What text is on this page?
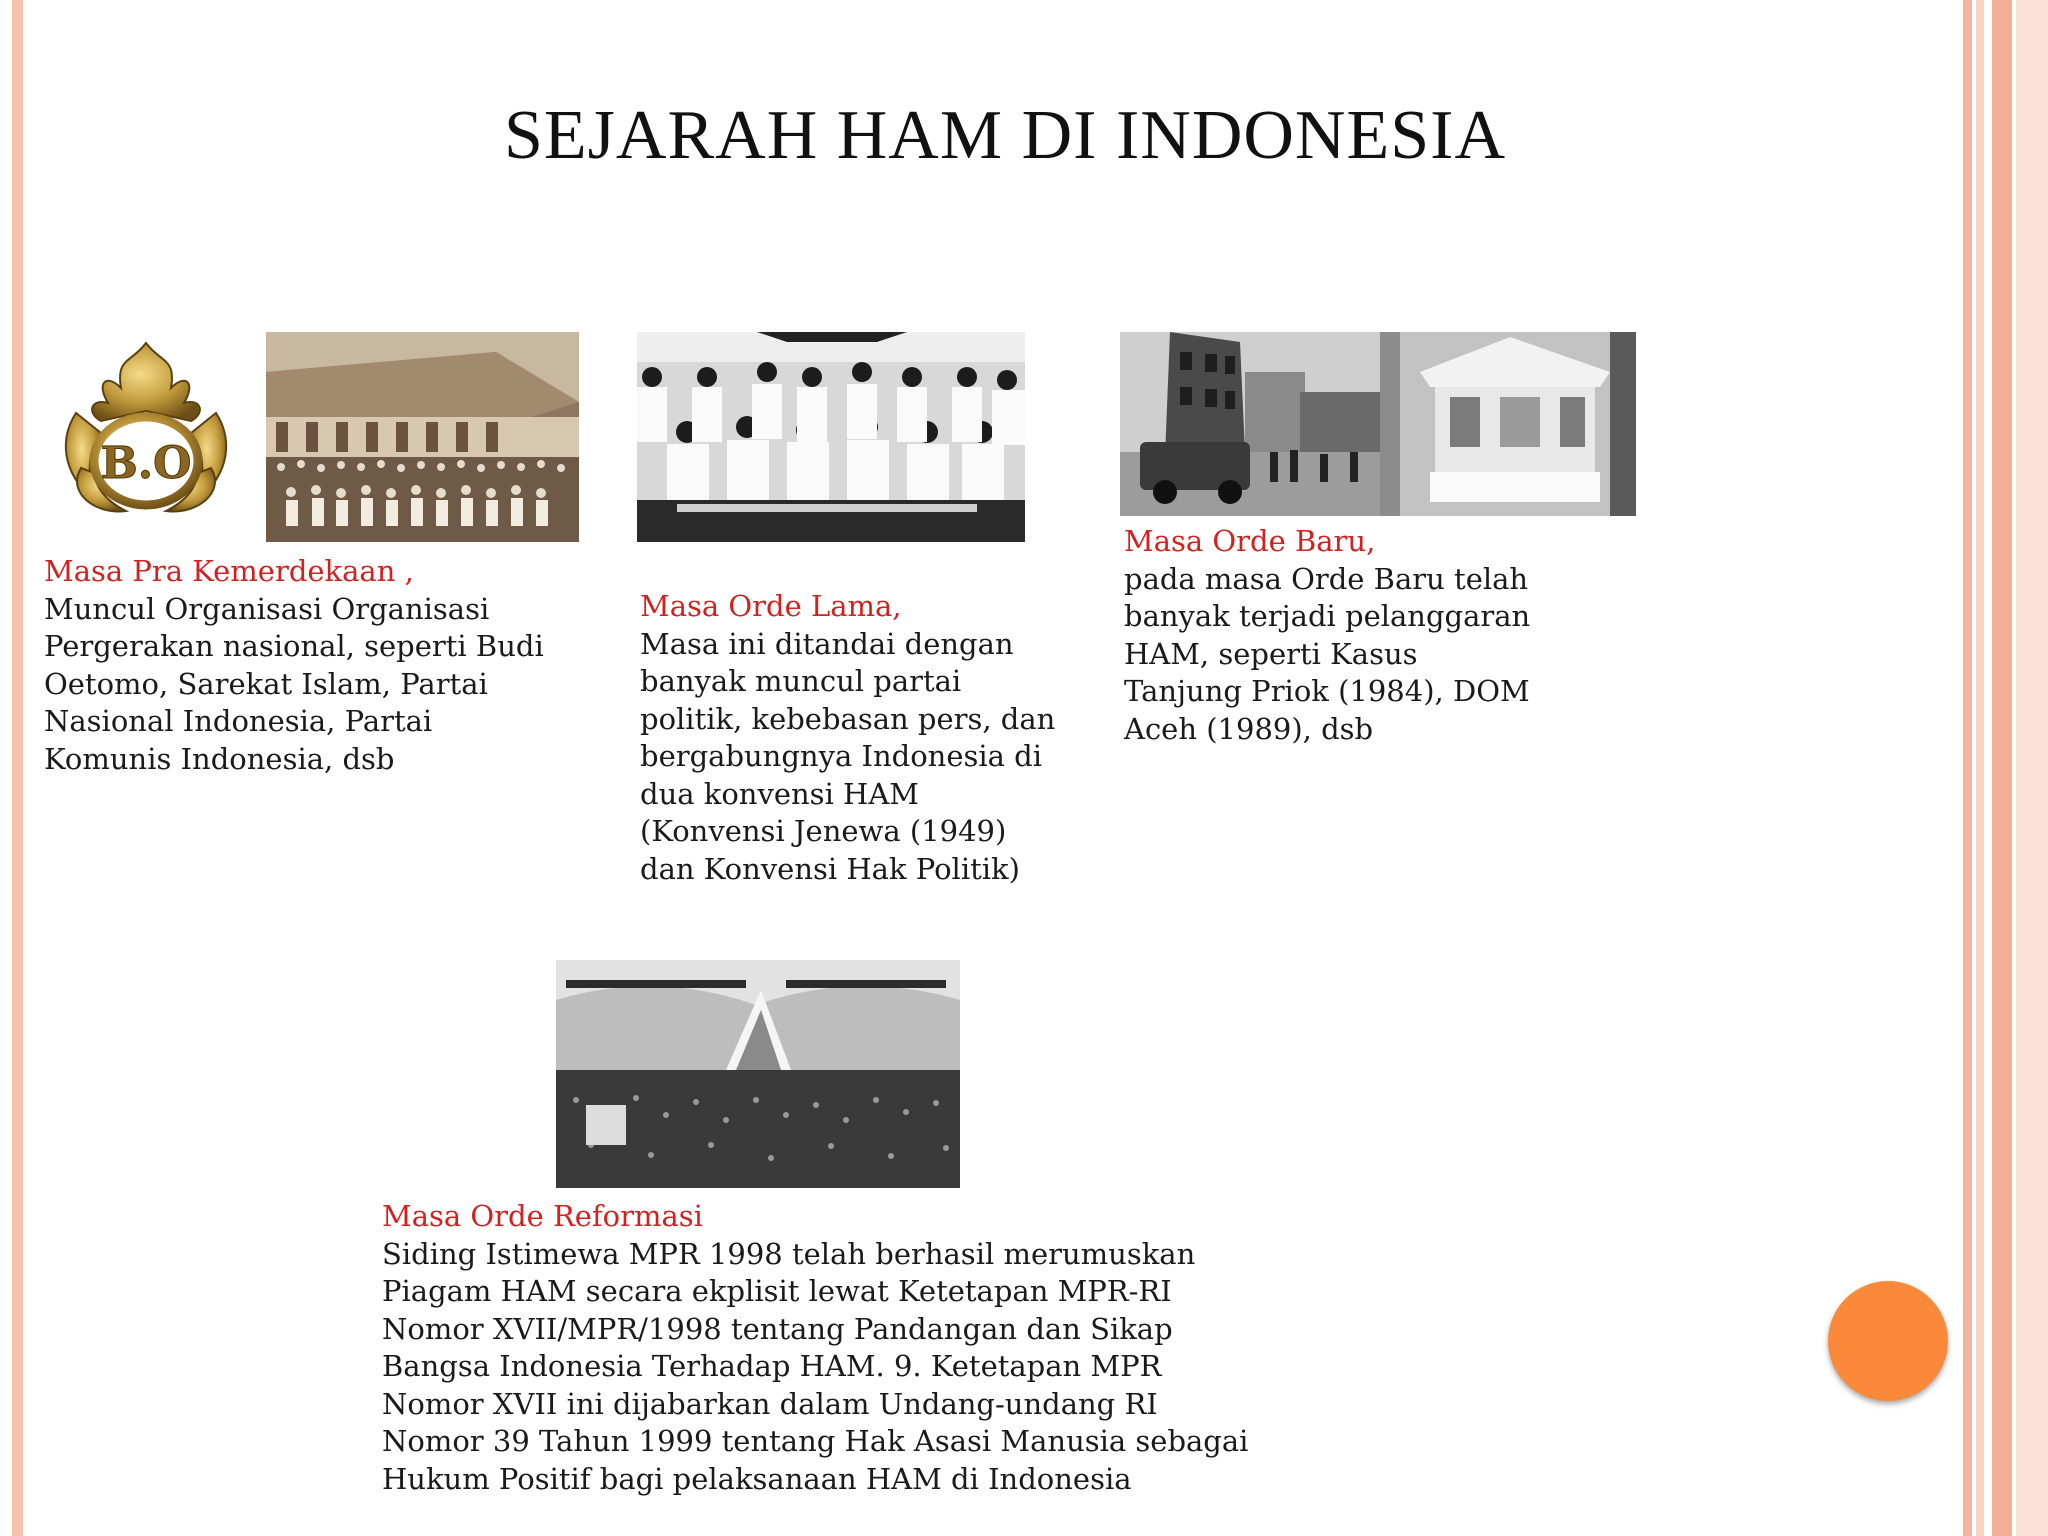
SEJARAH HAM DI INDONESIA
B.O
Masa Pra Kemerdekaan ,
Muncul Organisasi Organisasi
Pergerakan nasional, seperti Budi
Oetomo, Sarekat Islam, Partai
Nasional Indonesia, Partai
Komunis Indonesia, dsb
Masa Orde Lama,
Masa ini ditandai dengan
banyak muncul partai
politik, kebebasan pers, dan
bergabungnya Indonesia di
dua konvensi HAM
(Konvensi Jenewa (1949)
dan Konvensi Hak Politik)
Masa Orde Baru,
pada masa Orde Baru telah
banyak terjadi pelanggaran
HAM, seperti Kasus
Tanjung Priok (1984), DOM
Aceh (1989), dsb
Masa Orde Reformasi
Siding Istimewa MPR 1998 telah berhasil merumuskan
Piagam HAM secara ekplisit lewat Ketetapan MPR-RI
Nomor XVII/MPR/1998 tentang Pandangan dan Sikap
Bangsa Indonesia Terhadap HAM. 9. Ketetapan MPR
Nomor XVII ini dijabarkan dalam Undang-undang RI
Nomor 39 Tahun 1999 tentang Hak Asasi Manusia sebagai
Hukum Positif bagi pelaksanaan HAM di Indonesia
